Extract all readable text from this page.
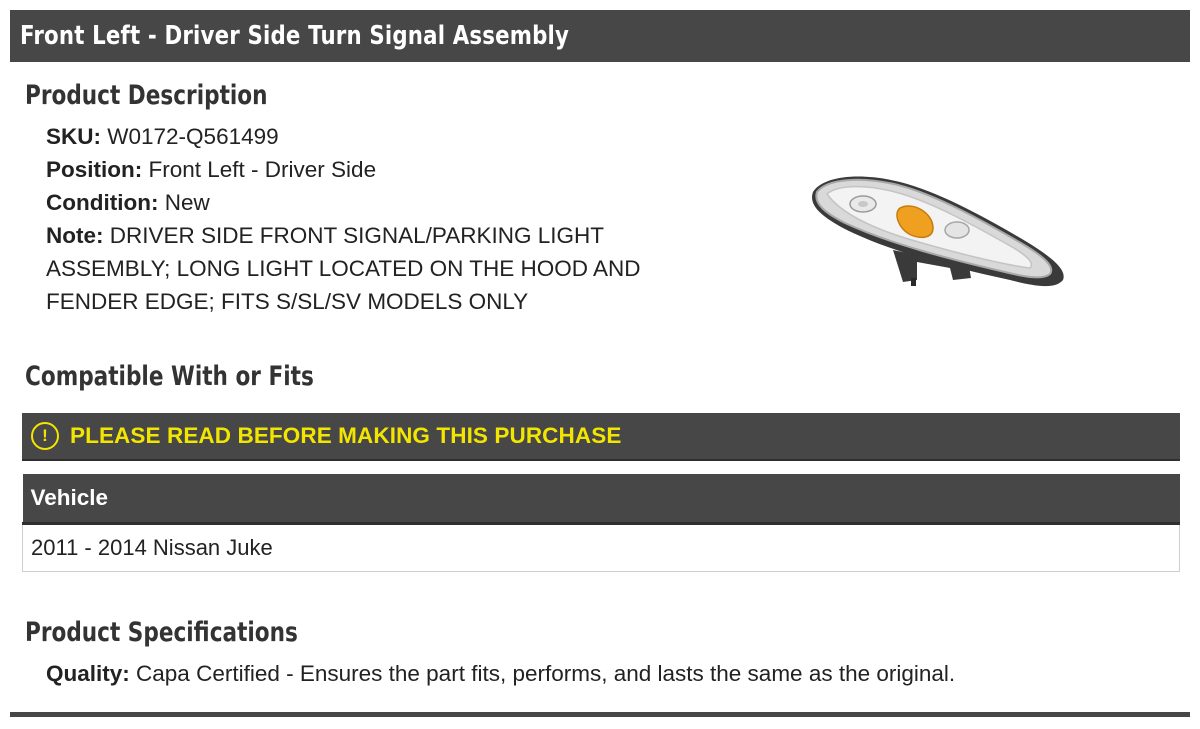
Front Left - Driver Side Turn Signal Assembly
Product Description
SKU: W0172-Q561499
Position: Front Left - Driver Side
Condition: New
Note: DRIVER SIDE FRONT SIGNAL/PARKING LIGHT ASSEMBLY; LONG LIGHT LOCATED ON THE HOOD AND FENDER EDGE; FITS S/SL/SV MODELS ONLY
Compatible With or Fits
! PLEASE READ BEFORE MAKING THIS PURCHASE
Vehicle
2011 - 2014 Nissan Juke
Product Specifications
Quality: Capa Certified - Ensures the part fits, performs, and lasts the same as the original.
